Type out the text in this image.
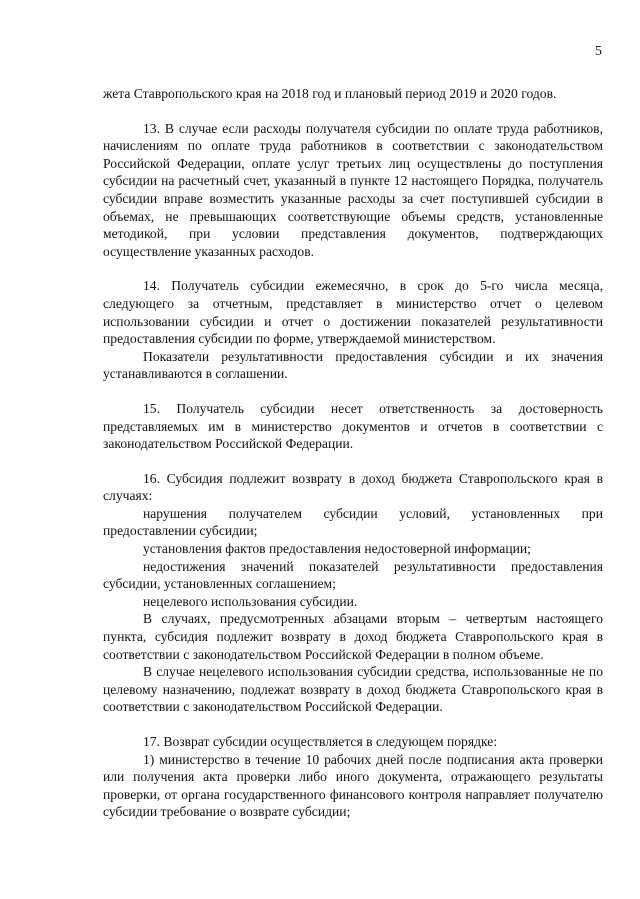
5

жета Ставропольского края на 2018 год и плановый период 2019 и 2020 годов.

13. В случае если расходы получателя субсидии по оплате труда работников, начислениям по оплате труда работников в соответствии с законодательством Российской Федерации, оплате услуг третьих лиц осуществлены до поступления субсидии на расчетный счет, указанный в пункте 12 настоящего Порядка, получатель субсидии вправе возместить указанные расходы за счет поступившей субсидии в объемах, не превышающих соответствующие объемы средств, установленные методикой, при условии представления документов, подтверждающих осуществление указанных расходов.

14. Получатель субсидии ежемесячно, в срок до 5-го числа месяца, следующего за отчетным, представляет в министерство отчет о целевом использовании субсидии и отчет о достижении показателей результативности предоставления субсидии по форме, утверждаемой министерством.

Показатели результативности предоставления субсидии и их значения устанавливаются в соглашении.

15. Получатель субсидии несет ответственность за достоверность представляемых им в министерство документов и отчетов в соответствии с законодательством Российской Федерации.

16. Субсидия подлежит возврату в доход бюджета Ставропольского края в случаях:

нарушения получателем субсидии условий, установленных при предоставлении субсидии;

установления фактов предоставления недостоверной информации;

недостижения значений показателей результативности предоставления субсидии, установленных соглашением;

нецелевого использования субсидии.

В случаях, предусмотренных абзацами вторым – четвертым настоящего пункта, субсидия подлежит возврату в доход бюджета Ставропольского края в соответствии с законодательством Российской Федерации в полном объеме.

В случае нецелевого использования субсидии средства, использованные не по целевому назначению, подлежат возврату в доход бюджета Ставропольского края в соответствии с законодательством Российской Федерации.

17. Возврат субсидии осуществляется в следующем порядке:

1) министерство в течение 10 рабочих дней после подписания акта проверки или получения акта проверки либо иного документа, отражающего результаты проверки, от органа государственного финансового контроля направляет получателю субсидии требование о возврате субсидии;
